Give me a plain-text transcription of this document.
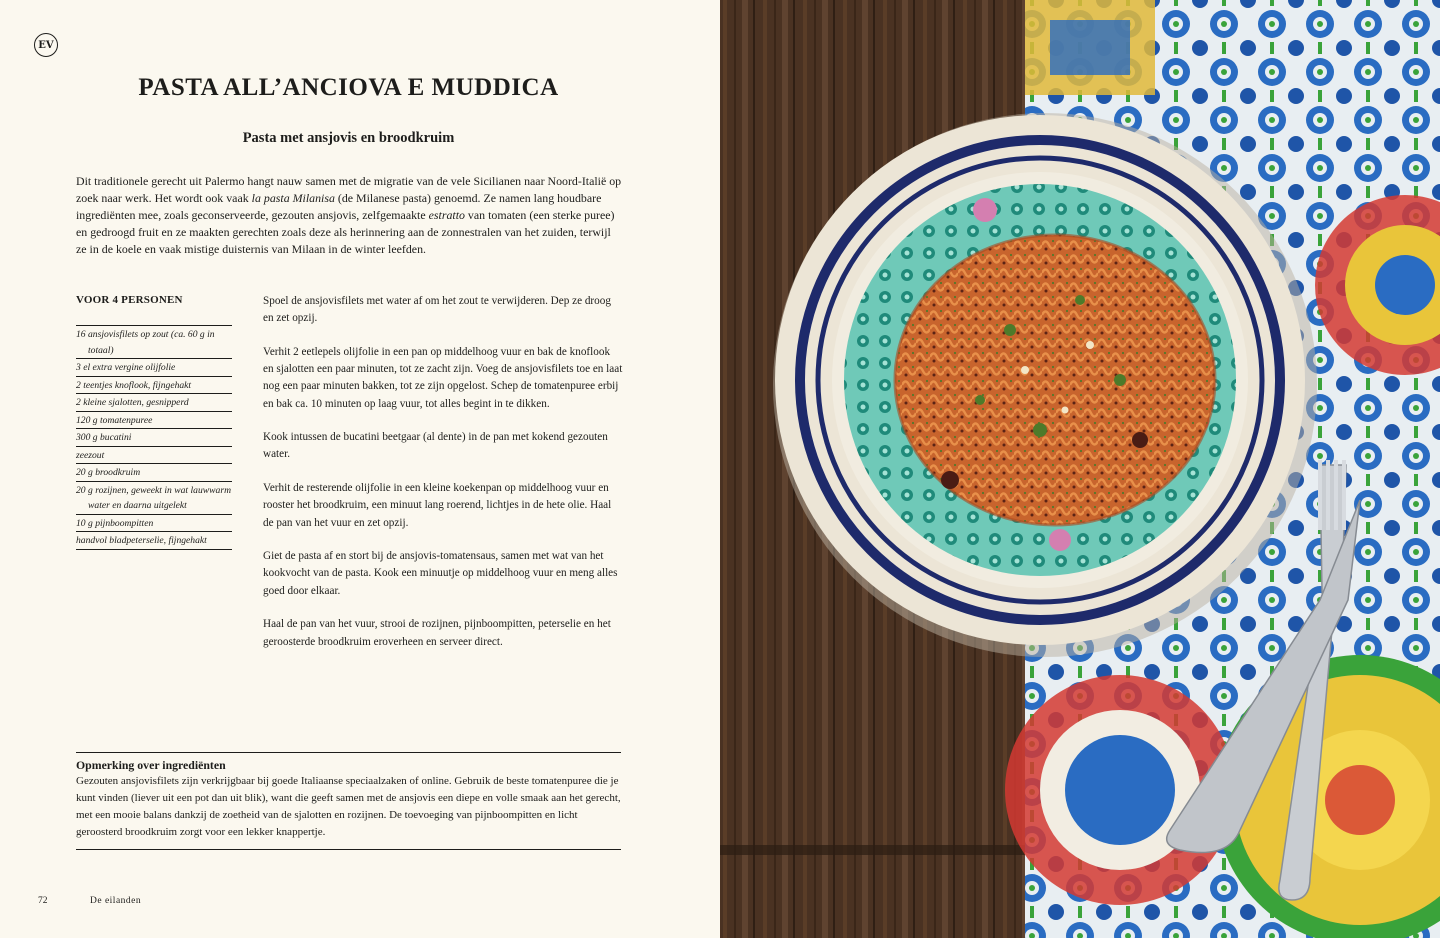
EV
PASTA ALL’ANCIOVA E MUDDICA
Pasta met ansjovis en broodkruim

Dit traditionele gerecht uit Palermo hangt nauw samen met de migratie van de vele Sicilianen naar Noord-Italië op zoek naar werk. Het wordt ook vaak la pasta Milanisa (de Milanese pasta) genoemd. Ze namen lang houdbare ingrediënten mee, zoals geconserveerde, gezouten ansjovis, zelfgemaakte estratto van tomaten (een sterke puree) en gedroogd fruit en ze maakten gerechten zoals deze als herinnering aan de zonnestralen van het zuiden, terwijl ze in de koele en vaak mistige duisternis van Milaan in de winter leefden.

VOOR 4 PERSONEN
16 ansjovisfilets op zout (ca. 60 g in totaal)
3 el extra vergine olijfolie
2 teentjes knoflook, fijngehakt
2 kleine sjalotten, gesnipperd
120 g tomatenpuree
300 g bucatini
zeezout
20 g broodkruim
20 g rozijnen, geweekt in wat lauwwarm water en daarna uitgelekt
10 g pijnboompitten
handvol bladpeterselie, fijngehakt

Spoel de ansjovisfilets met water af om het zout te verwijderen. Dep ze droog en zet opzij.

Verhit 2 eetlepels olijfolie in een pan op middelhoog vuur en bak de knoflook en sjalotten een paar minuten, tot ze zacht zijn. Voeg de ansjovisfilets toe en laat nog een paar minuten bakken, tot ze zijn opgelost. Schep de tomatenpuree erbij en bak ca. 10 minuten op laag vuur, tot alles begint in te dikken.

Kook intussen de bucatini beetgaar (al dente) in de pan met kokend gezouten water.

Verhit de resterende olijfolie in een kleine koekenpan op middelhoog vuur en rooster het broodkruim, een minuut lang roerend, lichtjes in de hete olie. Haal de pan van het vuur en zet opzij.

Giet de pasta af en stort bij de ansjovis-tomatensaus, samen met wat van het kookvocht van de pasta. Kook een minuutje op middelhoog vuur en meng alles goed door elkaar.

Haal de pan van het vuur, strooi de rozijnen, pijnboompitten, peterselie en het geroosterde broodkruim eroverheen en serveer direct.

Opmerking over ingrediënten

Gezouten ansjovisfilets zijn verkrijgbaar bij goede Italiaanse speciaalzaken of online. Gebruik de beste tomatenpuree die je kunt vinden (liever uit een pot dan uit blik), want die geeft samen met de ansjovis een diepe en volle smaak aan het gerecht, met een mooie balans dankzij de zoetheid van de sjalotten en rozijnen. De toevoeging van pijnboompitten en licht geroosterd broodkruim zorgt voor een lekker knappertje.

72	De eilanden
